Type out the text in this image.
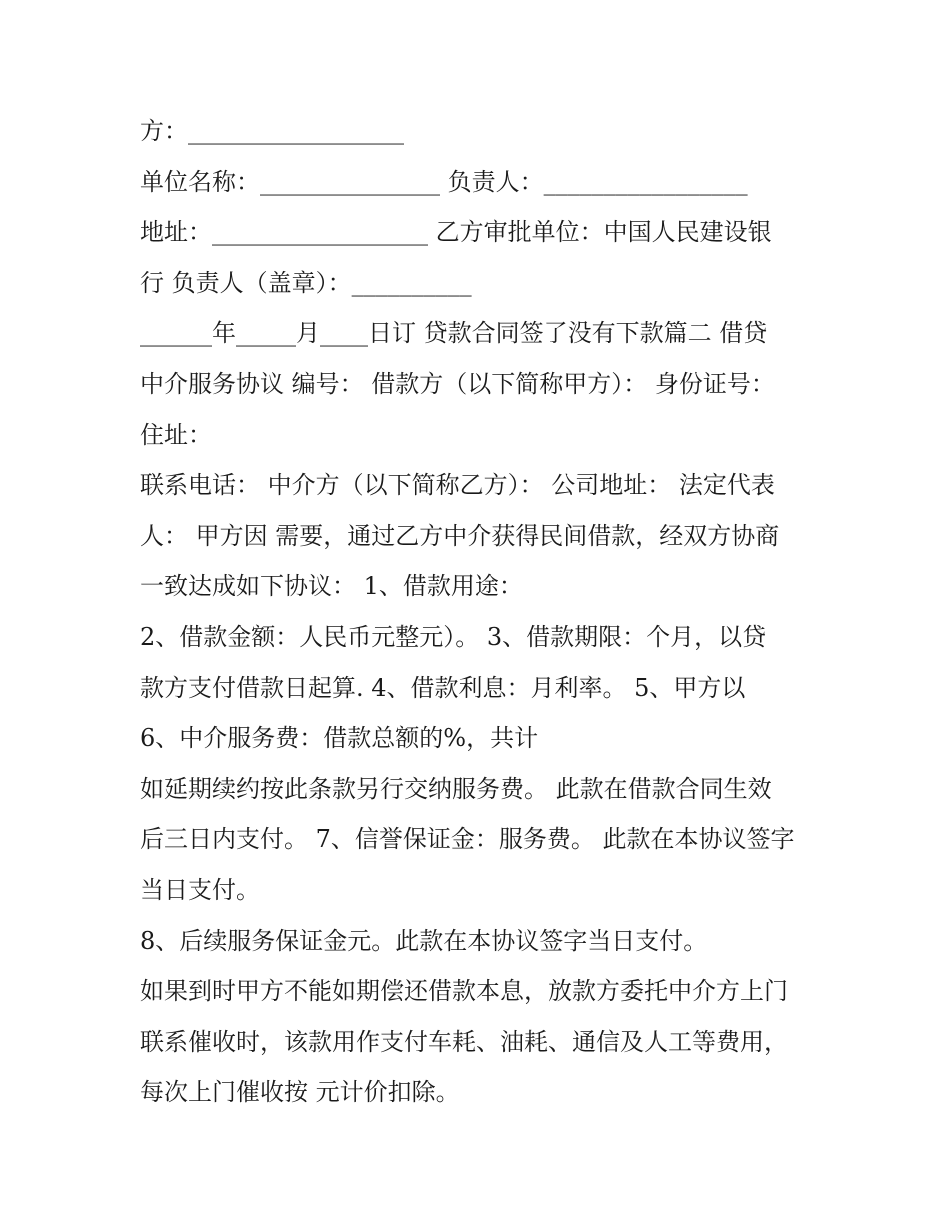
方：__________________
单位名称：_______________ 负责人：_________________
地址：__________________ 乙方审批单位：中国人民建设银
行 负责人（盖章）：__________
______年_____月____日订 贷款合同签了没有下款篇二 借贷
中介服务协议 编号： 借款方（以下简称甲方）： 身份证号：
住址：
联系电话： 中介方（以下简称乙方）： 公司地址： 法定代表
人： 甲方因 需要，通过乙方中介获得民间借款，经双方协商
一致达成如下协议： 1、借款用途：
2、借款金额：人民币元整元）。 3、借款期限：个月，以贷
款方支付借款日起算. 4、借款利息：月利率。 5、甲方以
6、中介服务费：借款总额的%，共计
如延期续约按此条款另行交纳服务费。 此款在借款合同生效
后三日内支付。 7、信誉保证金：服务费。 此款在本协议签字
当日支付。
8、后续服务保证金元。此款在本协议签字当日支付。
如果到时甲方不能如期偿还借款本息，放款方委托中介方上门
联系催收时，该款用作支付车耗、油耗、通信及人工等费用，
每次上门催收按 元计价扣除。
